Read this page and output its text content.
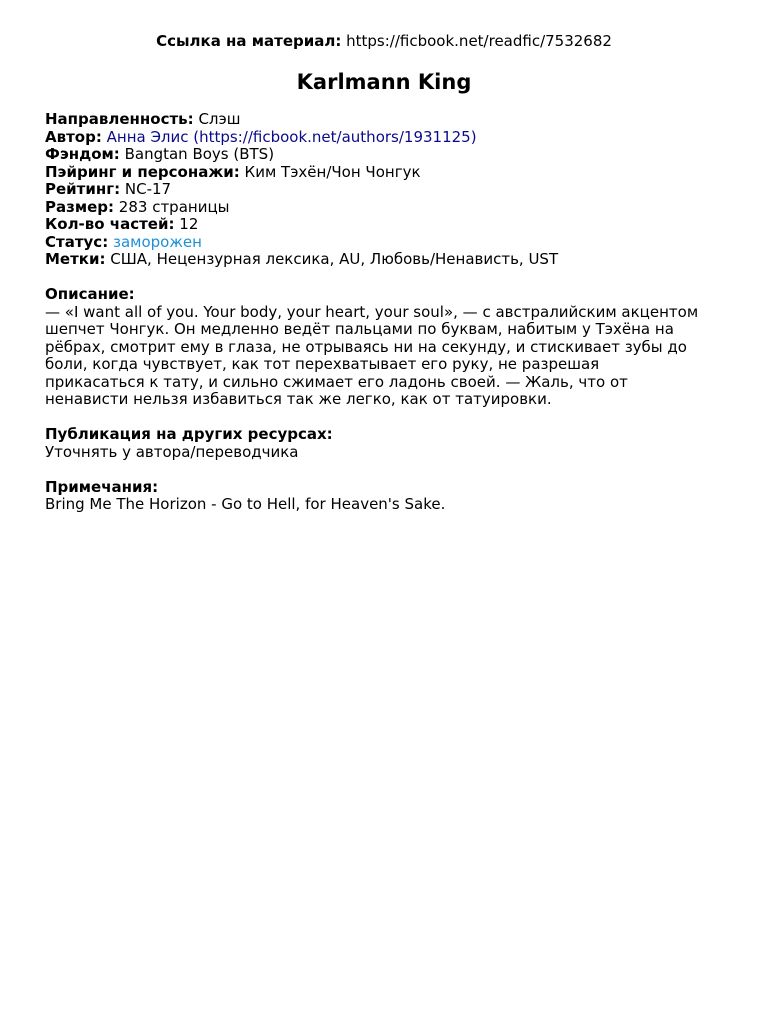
Ссылка на материал: https://ficbook.net/readfic/7532682
Karlmann King
Направленность: Слэш
Автор: Анна Элис (https://ficbook.net/authors/1931125)
Фэндом: Bangtan Boys (BTS)
Пэйринг и персонажи: Ким Тэхён/Чон Чонгук
Рейтинг: NC-17
Размер: 283 страницы
Кол-во частей: 12
Статус: заморожен
Метки: США, Нецензурная лексика, AU, Любовь/Ненависть, UST
Описание:
— «I want all of you. Your body, your heart, your soul», — с австралийским акцентом
шепчет Чонгук. Он медленно ведёт пальцами по буквам, набитым у Тэхёна на
рёбрах, смотрит ему в глаза, не отрываясь ни на секунду, и стискивает зубы до
боли, когда чувствует, как тот перехватывает его руку, не разрешая
прикасаться к тату, и сильно сжимает его ладонь своей. — Жаль, что от
ненависти нельзя избавиться так же легко, как от татуировки.
Публикация на других ресурсах:
Уточнять у автора/переводчика
Примечания:
Bring Me The Horizon - Go to Hell, for Heaven's Sake.
